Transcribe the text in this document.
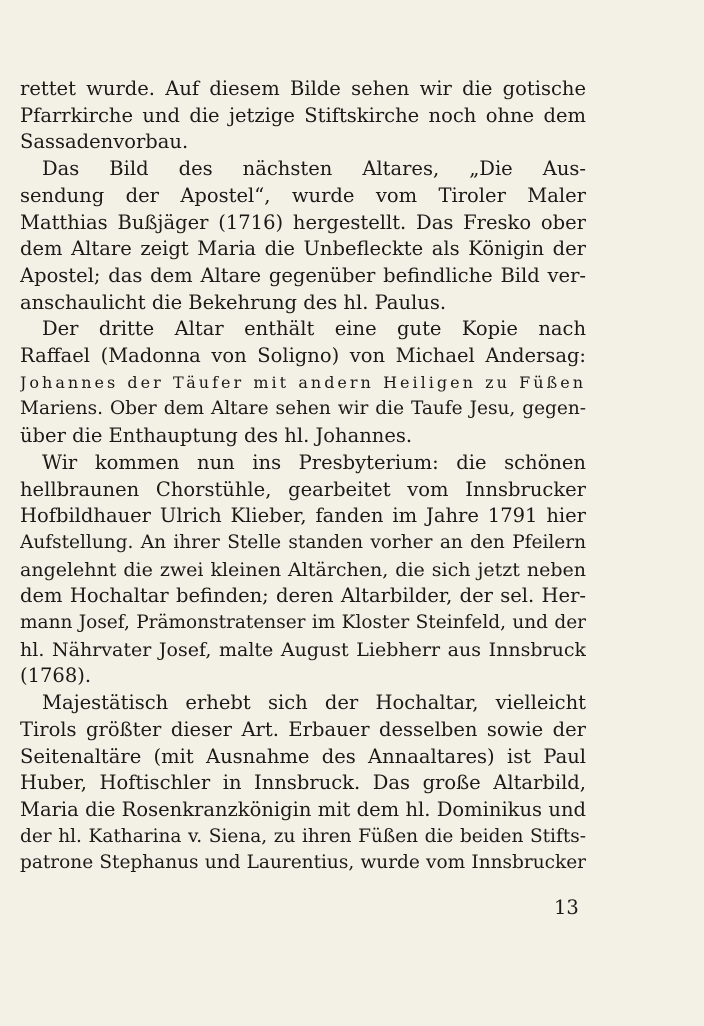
rettet wurde. Auf diesem Bilde sehen wir die gotische
Pfarrkirche und die jetzige Stiftskirche noch ohne dem
Sassadenvorbau.
Das Bild des nächsten Altares, „Die Aus-
sendung der Apostel“, wurde vom Tiroler Maler
Matthias Bußjäger (1716) hergestellt. Das Fresko ober
dem Altare zeigt Maria die Unbefleckte als Königin der
Apostel; das dem Altare gegenüber befindliche Bild ver-
anschaulicht die Bekehrung des hl. Paulus.
Der dritte Altar enthält eine gute Kopie nach
Raffael (Madonna von Soligno) von Michael Andersag:
Johannes der Täufer mit andern Heiligen zu Füßen
Mariens. Ober dem Altare sehen wir die Taufe Jesu, gegen-
über die Enthauptung des hl. Johannes.
Wir kommen nun ins Presbyterium: die schönen
hellbraunen Chorstühle, gearbeitet vom Innsbrucker
Hofbildhauer Ulrich Klieber, fanden im Jahre 1791 hier
Aufstellung. An ihrer Stelle standen vorher an den Pfeilern
angelehnt die zwei kleinen Altärchen, die sich jetzt neben
dem Hochaltar befinden; deren Altarbilder, der sel. Her-
mann Josef, Prämonstratenser im Kloster Steinfeld, und der
hl. Nährvater Josef, malte August Liebherr aus Innsbruck
(1768).
Majestätisch erhebt sich der Hochaltar, vielleicht
Tirols größter dieser Art. Erbauer desselben sowie der
Seitenaltäre (mit Ausnahme des Annaaltares) ist Paul
Huber, Hoftischler in Innsbruck. Das große Altarbild,
Maria die Rosenkranzkönigin mit dem hl. Dominikus und
der hl. Katharina v. Siena, zu ihren Füßen die beiden Stifts-
patrone Stephanus und Laurentius, wurde vom Innsbrucker
13
